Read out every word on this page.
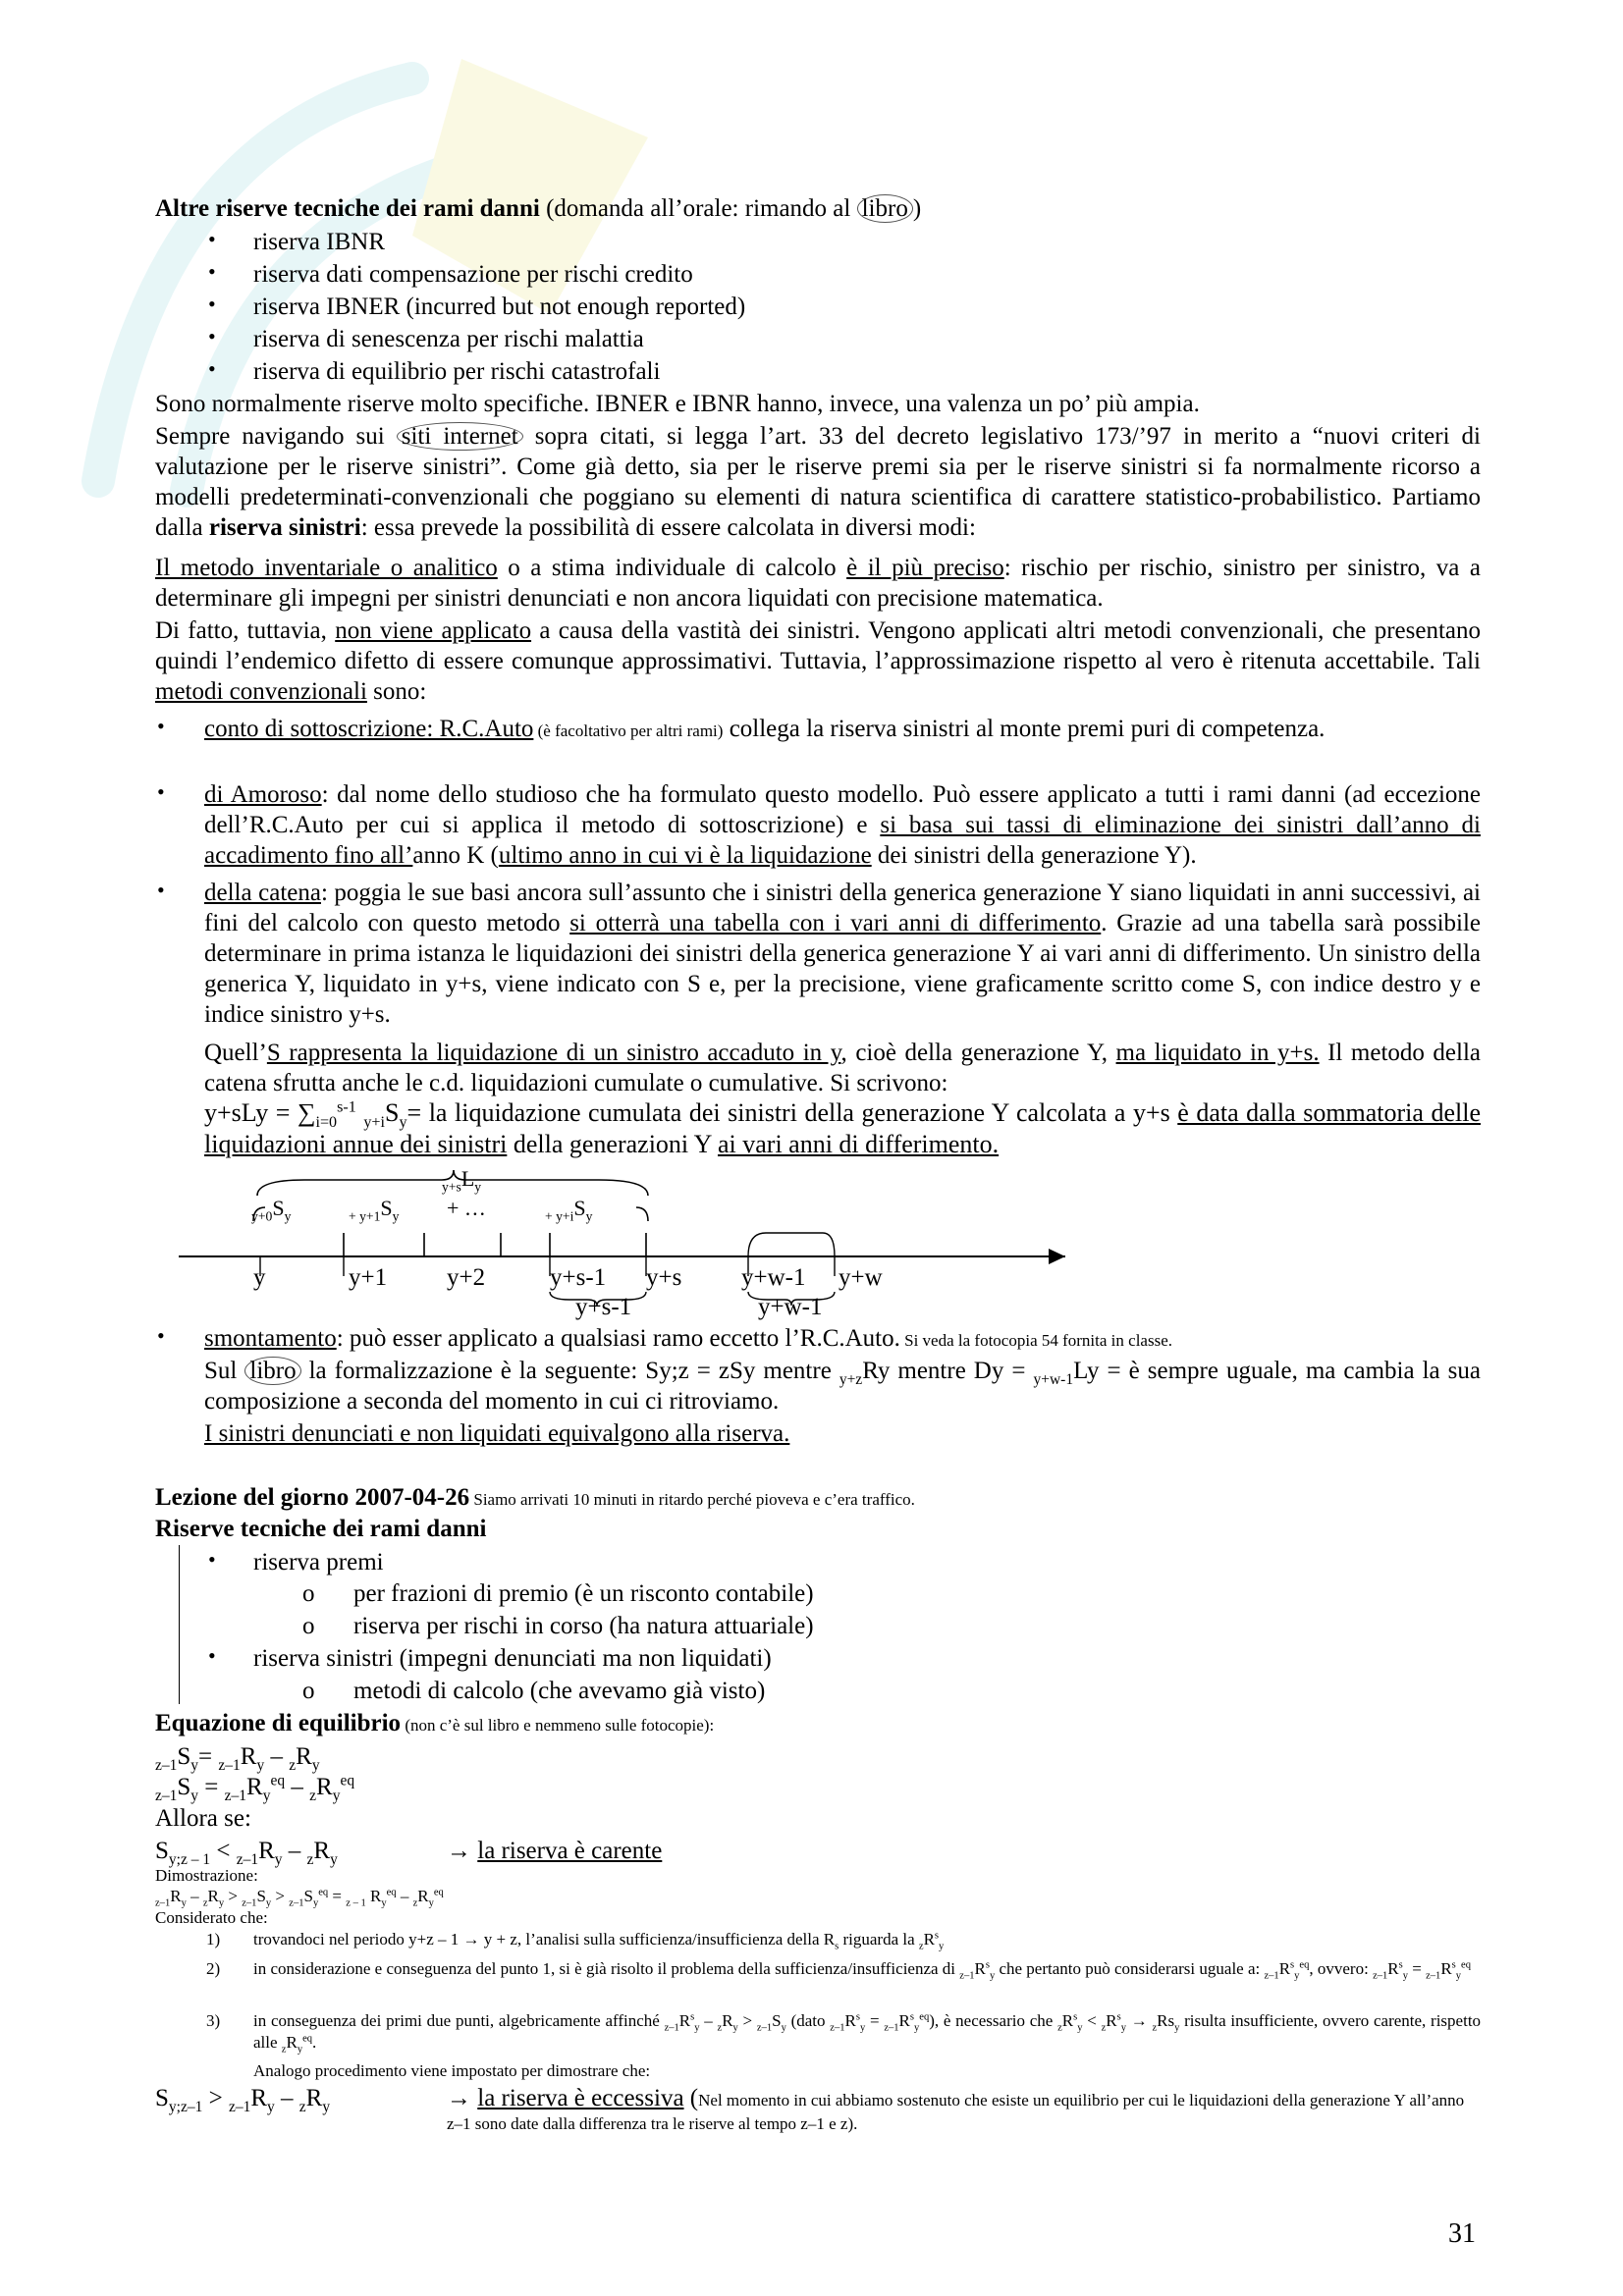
Altre riserve tecniche dei rami danni (domanda all’orale: rimando al libro )
• riserva IBNR
• riserva dati compensazione per rischi credito
• riserva IBNER (incurred but not enough reported)
• riserva di senescenza per rischi malattia
• riserva di equilibrio per rischi catastrofali
Sono normalmente riserve molto specifiche. IBNER e IBNR hanno, invece, una valenza un po’ più ampia.
Sempre navigando sui siti internet sopra citati, si legga l’art. 33 del decreto legislativo 173/’97 in merito a “nuovi criteri di valutazione per le riserve sinistri”. Come già detto, sia per le riserve premi sia per le riserve sinistri si fa normalmente ricorso a modelli predeterminati-convenzionali che poggiano su elementi di natura scientifica di carattere statistico-probabilistico. Partiamo dalla riserva sinistri: essa prevede la possibilità di essere calcolata in diversi modi:
Il metodo inventariale o analitico o a stima individuale di calcolo è il più preciso: rischio per rischio, sinistro per sinistro, va a determinare gli impegni per sinistri denunciati e non ancora liquidati con precisione matematica.
Di fatto, tuttavia, non viene applicato a causa della vastità dei sinistri. Vengono applicati altri metodi convenzionali, che presentano quindi l’endemico difetto di essere comunque approssimativi. Tuttavia, l’approssimazione rispetto al vero è ritenuta accettabile. Tali metodi convenzionali sono:
• conto di sottoscrizione: R.C.Auto (è facoltativo per altri rami) collega la riserva sinistri al monte premi puri di competenza.
• di Amoroso: dal nome dello studioso che ha formulato questo modello. Può essere applicato a tutti i rami danni (ad eccezione dell’R.C.Auto per cui si applica il metodo di sottoscrizione) e si basa sui tassi di eliminazione dei sinistri dall’anno di accadimento fino all’anno K (ultimo anno in cui vi è la liquidazione dei sinistri della generazione Y).
• della catena: poggia le sue basi ancora sull’assunto che i sinistri della generica generazione Y siano liquidati in anni successivi, ai fini del calcolo con questo metodo si otterrà una tabella con i vari anni di differimento. Grazie ad una tabella sarà possibile determinare in prima istanza le liquidazioni dei sinistri della generica generazione Y ai vari anni di differimento. Un sinistro della generica Y, liquidato in y+s, viene indicato con S e, per la precisione, viene graficamente scritto come S, con indice destro y e indice sinistro y+s.
Quell’S rappresenta la liquidazione di un sinistro accaduto in y, cioè della generazione Y, ma liquidato in y+s. Il metodo della catena sfrutta anche le c.d. liquidazioni cumulate o cumulative. Si scrivono:
$y+sLy = \sum_{i=0}^{s-1}$ $_{y+i}S_y=$ la liquidazione cumulata dei sinistri della generazione Y calcolata a y+s è data dalla sommatoria delle liquidazioni annue dei sinistri della generazioni Y ai vari anni di differimento.
$_{y+s}L_y$
$_{y+0}S_y$	$_{+ y+1}S_y$ + …	$_{+ y+i}S_y$
y	y+1 y+2	y+s-1 y+s y+w-1 y+w
y+s-1	y+w-1
• smontamento: può esser applicato a qualsiasi ramo eccetto l’R.C.Auto. Si veda la fotocopia 54 fornita in classe.
Sul libro la formalizzazione è la seguente: Sy;z = zSy mentre $_{y+z}$Ry mentre Dy = $_{y+w-1}$Ly = è sempre uguale, ma cambia la sua composizione a seconda del momento in cui ci ritroviamo.
I sinistri denunciati e non liquidati equivalgono alla riserva.
Lezione del giorno 2007-04-26 Siamo arrivati 10 minuti in ritardo perché pioveva e c’era traffico.
Riserve tecniche dei rami danni
• riserva premi
o per frazioni di premio (è un risconto contabile)
o riserva per rischi in corso (ha natura attuariale)
• riserva sinistri (impegni denunciati ma non liquidati)
o metodi di calcolo (che avevamo già visto)
Equazione di equilibrio (non c’è sul libro e nemmeno sulle fotocopie):
$_{z-1}S_y= _{z-1}R_y - _zR_y$
$_{z-1}S_y = _{z-1}R_y^{eq} - _zR_y^{eq}$
Allora se:
$S_{y;z - 1} < _{z-1}R_y - _zR_y$	→ la riserva è carente
Dimostrazione:
$_{z-1}R_y - _zR_y > _{z-1}S_y > _{z-1}S_y^{eq} = _{z - 1}$ $R_y^{eq} - _zR_y^{eq}$
Considerato che:
1) trovandoci nel periodo y+z – 1 → y + z, l’analisi sulla sufficienza/insufficienza della $R_s$ riguarda la $_zR^s_y$
2) in considerazione e conseguenza del punto 1, si è già risolto il problema della sufficienza/insufficienza di $_{z-1}R^s_y$ che pertanto può considerarsi uguale a: $_{z-1}R^s_y^{eq}$, ovvero: $_{z-1}R^s_y = _{z-1}R^s_y^{eq}$
3) in conseguenza dei primi due punti, algebricamente affinché $_{z-1}R^s_y - _zR_y > _{z-1}S_y$ (dato $_{z-1}R^s_y = _{z-1}R^s_y^{eq}$), è necessario che $_zR^s_y < _zR^s_y \to _zRs_y$ risulta insufficiente, ovvero carente, rispetto alle $_zR_y^{eq}$.
Analogo procedimento viene impostato per dimostrare che:
$S_{y;z-1} > _{z-1}R_y - _zR_y$	→ la riserva è eccessiva (Nel momento in cui abbiamo sostenuto che esiste un equilibrio per cui le liquidazioni della generazione Y all’anno z–1 sono date dalla differenza tra le riserve al tempo z–1 e z).
31
